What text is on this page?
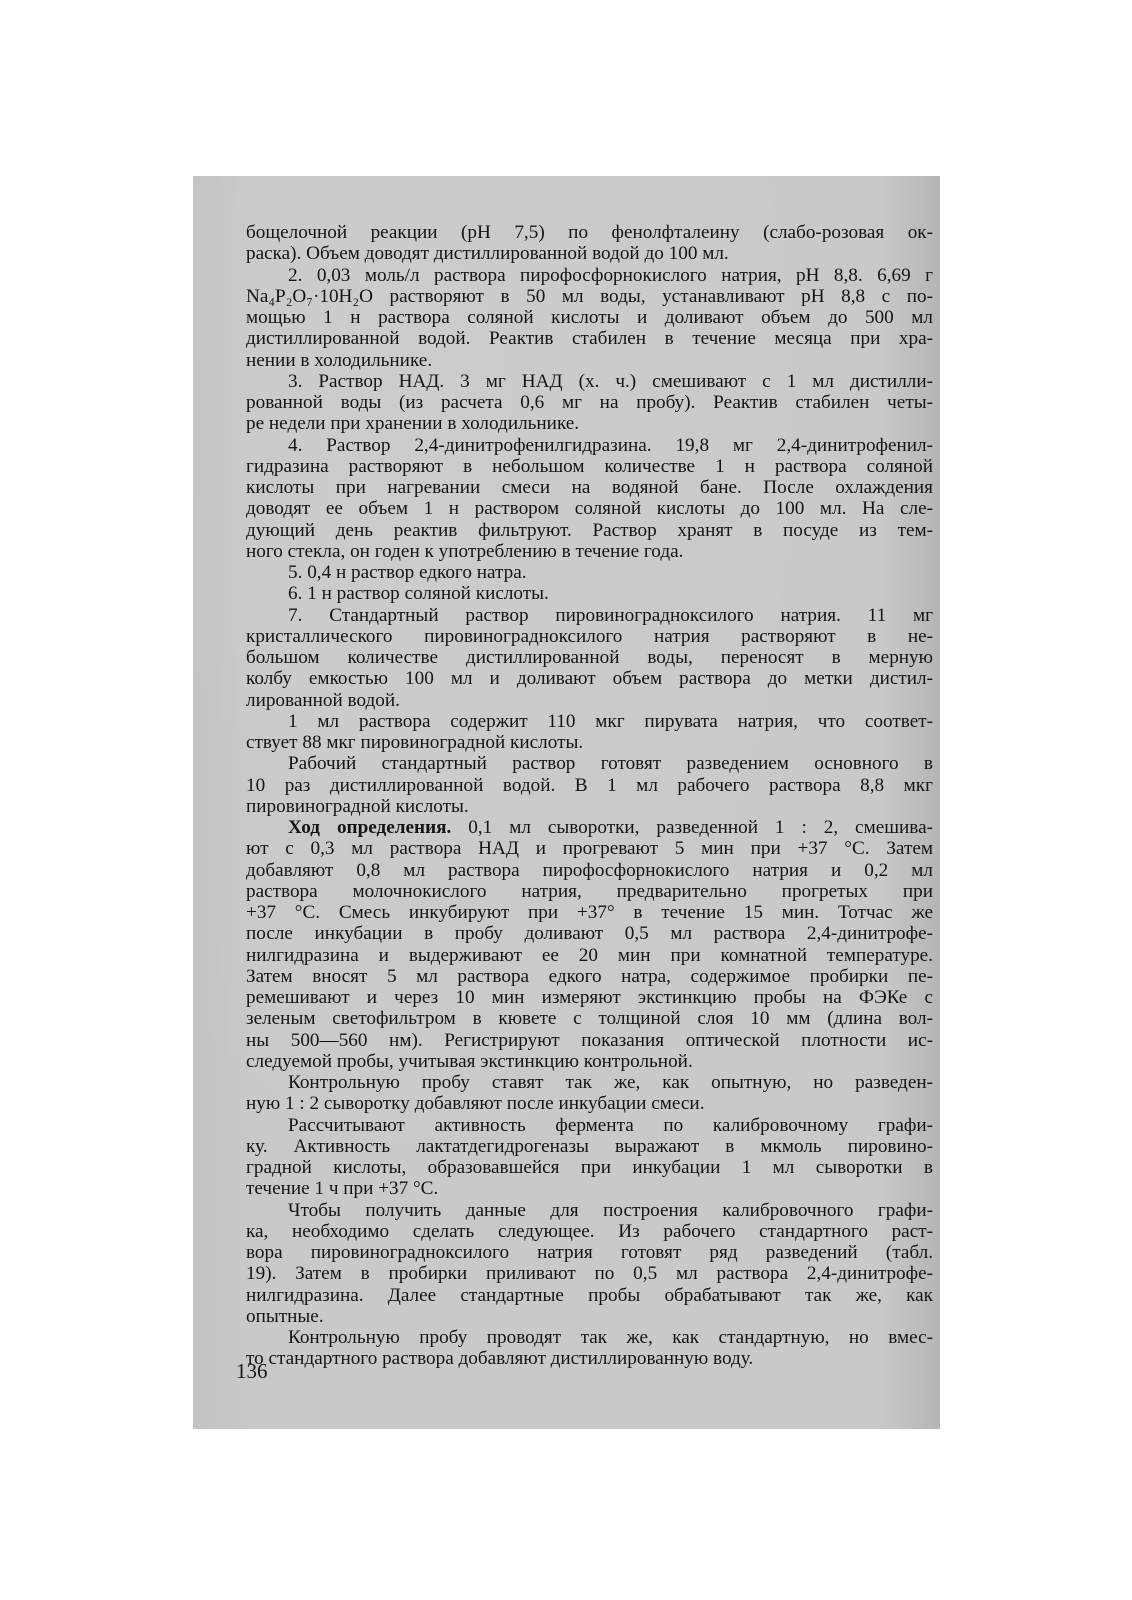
бощелочной реакции (рН 7,5) по фенолфталеину (слабо-розовая ок-
раска). Объем доводят дистиллированной водой до 100 мл.
2. 0,03 моль/л раствора пирофосфорнокислого натрия, рН 8,8. 6,69 г
Na₄P₂O₇·10H₂O растворяют в 50 мл воды, устанавливают рН 8,8 с по-
мощью 1 н раствора соляной кислоты и доливают объем до 500 мл
дистиллированной водой. Реактив стабилен в течение месяца при хра-
нении в холодильнике.
3. Раствор НАД. 3 мг НАД (х. ч.) смешивают с 1 мл дистилли-
рованной воды (из расчета 0,6 мг на пробу). Реактив стабилен четы-
ре недели при хранении в холодильнике.
4. Раствор 2,4-динитрофенилгидразина. 19,8 мг 2,4-динитрофенил-
гидразина растворяют в небольшом количестве 1 н раствора соляной
кислоты при нагревании смеси на водяной бане. После охлаждения
доводят ее объем 1 н раствором соляной кислоты до 100 мл. На сле-
дующий день реактив фильтруют. Раствор хранят в посуде из тем-
ного стекла, он годен к употреблению в течение года.
5. 0,4 н раствор едкого натра.
6. 1 н раствор соляной кислоты.
7. Стандартный раствор пировиноградноксилого натрия. 11 мг
кристаллического пировиноградноксилого натрия растворяют в не-
большом количестве дистиллированной воды, переносят в мерную
колбу емкостью 100 мл и доливают объем раствора до метки дистил-
лированной водой.
1 мл раствора содержит 110 мкг пирувата натрия, что соответ-
ствует 88 мкг пировиноградной кислоты.
Рабочий стандартный раствор готовят разведением основного в
10 раз дистиллированной водой. В 1 мл рабочего раствора 8,8 мкг
пировиноградной кислоты.
Ход определения. 0,1 мл сыворотки, разведенной 1 : 2, смешива-
ют с 0,3 мл раствора НАД и прогревают 5 мин при +37 °С. Затем
добавляют 0,8 мл раствора пирофосфорнокислого натрия и 0,2 мл
раствора молочнокислого натрия, предварительно прогретых при
+37 °С. Смесь инкубируют при +37° в течение 15 мин. Тотчас же
после инкубации в пробу доливают 0,5 мл раствора 2,4-динитрофе-
нилгидразина и выдерживают ее 20 мин при комнатной температуре.
Затем вносят 5 мл раствора едкого натра, содержимое пробирки пе-
ремешивают и через 10 мин измеряют экстинкцию пробы на ФЭКе с
зеленым светофильтром в кювете с толщиной слоя 10 мм (длина вол-
ны 500—560 нм). Регистрируют показания оптической плотности ис-
следуемой пробы, учитывая экстинкцию контрольной.
Контрольную пробу ставят так же, как опытную, но разведен-
ную 1 : 2 сыворотку добавляют после инкубации смеси.
Рассчитывают активность фермента по калибровочному графи-
ку. Активность лактатдегидрогеназы выражают в мкмоль пировино-
градной кислоты, образовавшейся при инкубации 1 мл сыворотки в
течение 1 ч при +37 °С.
Чтобы получить данные для построения калибровочного графи-
ка, необходимо сделать следующее. Из рабочего стандартного раст-
вора пировиноградноксилого натрия готовят ряд разведений (табл.
19). Затем в пробирки приливают по 0,5 мл раствора 2,4-динитрофе-
нилгидразина. Далее стандартные пробы обрабатывают так же, как
опытные.
Контрольную пробу проводят так же, как стандартную, но вмес-
то стандартного раствора добавляют дистиллированную воду.
136
